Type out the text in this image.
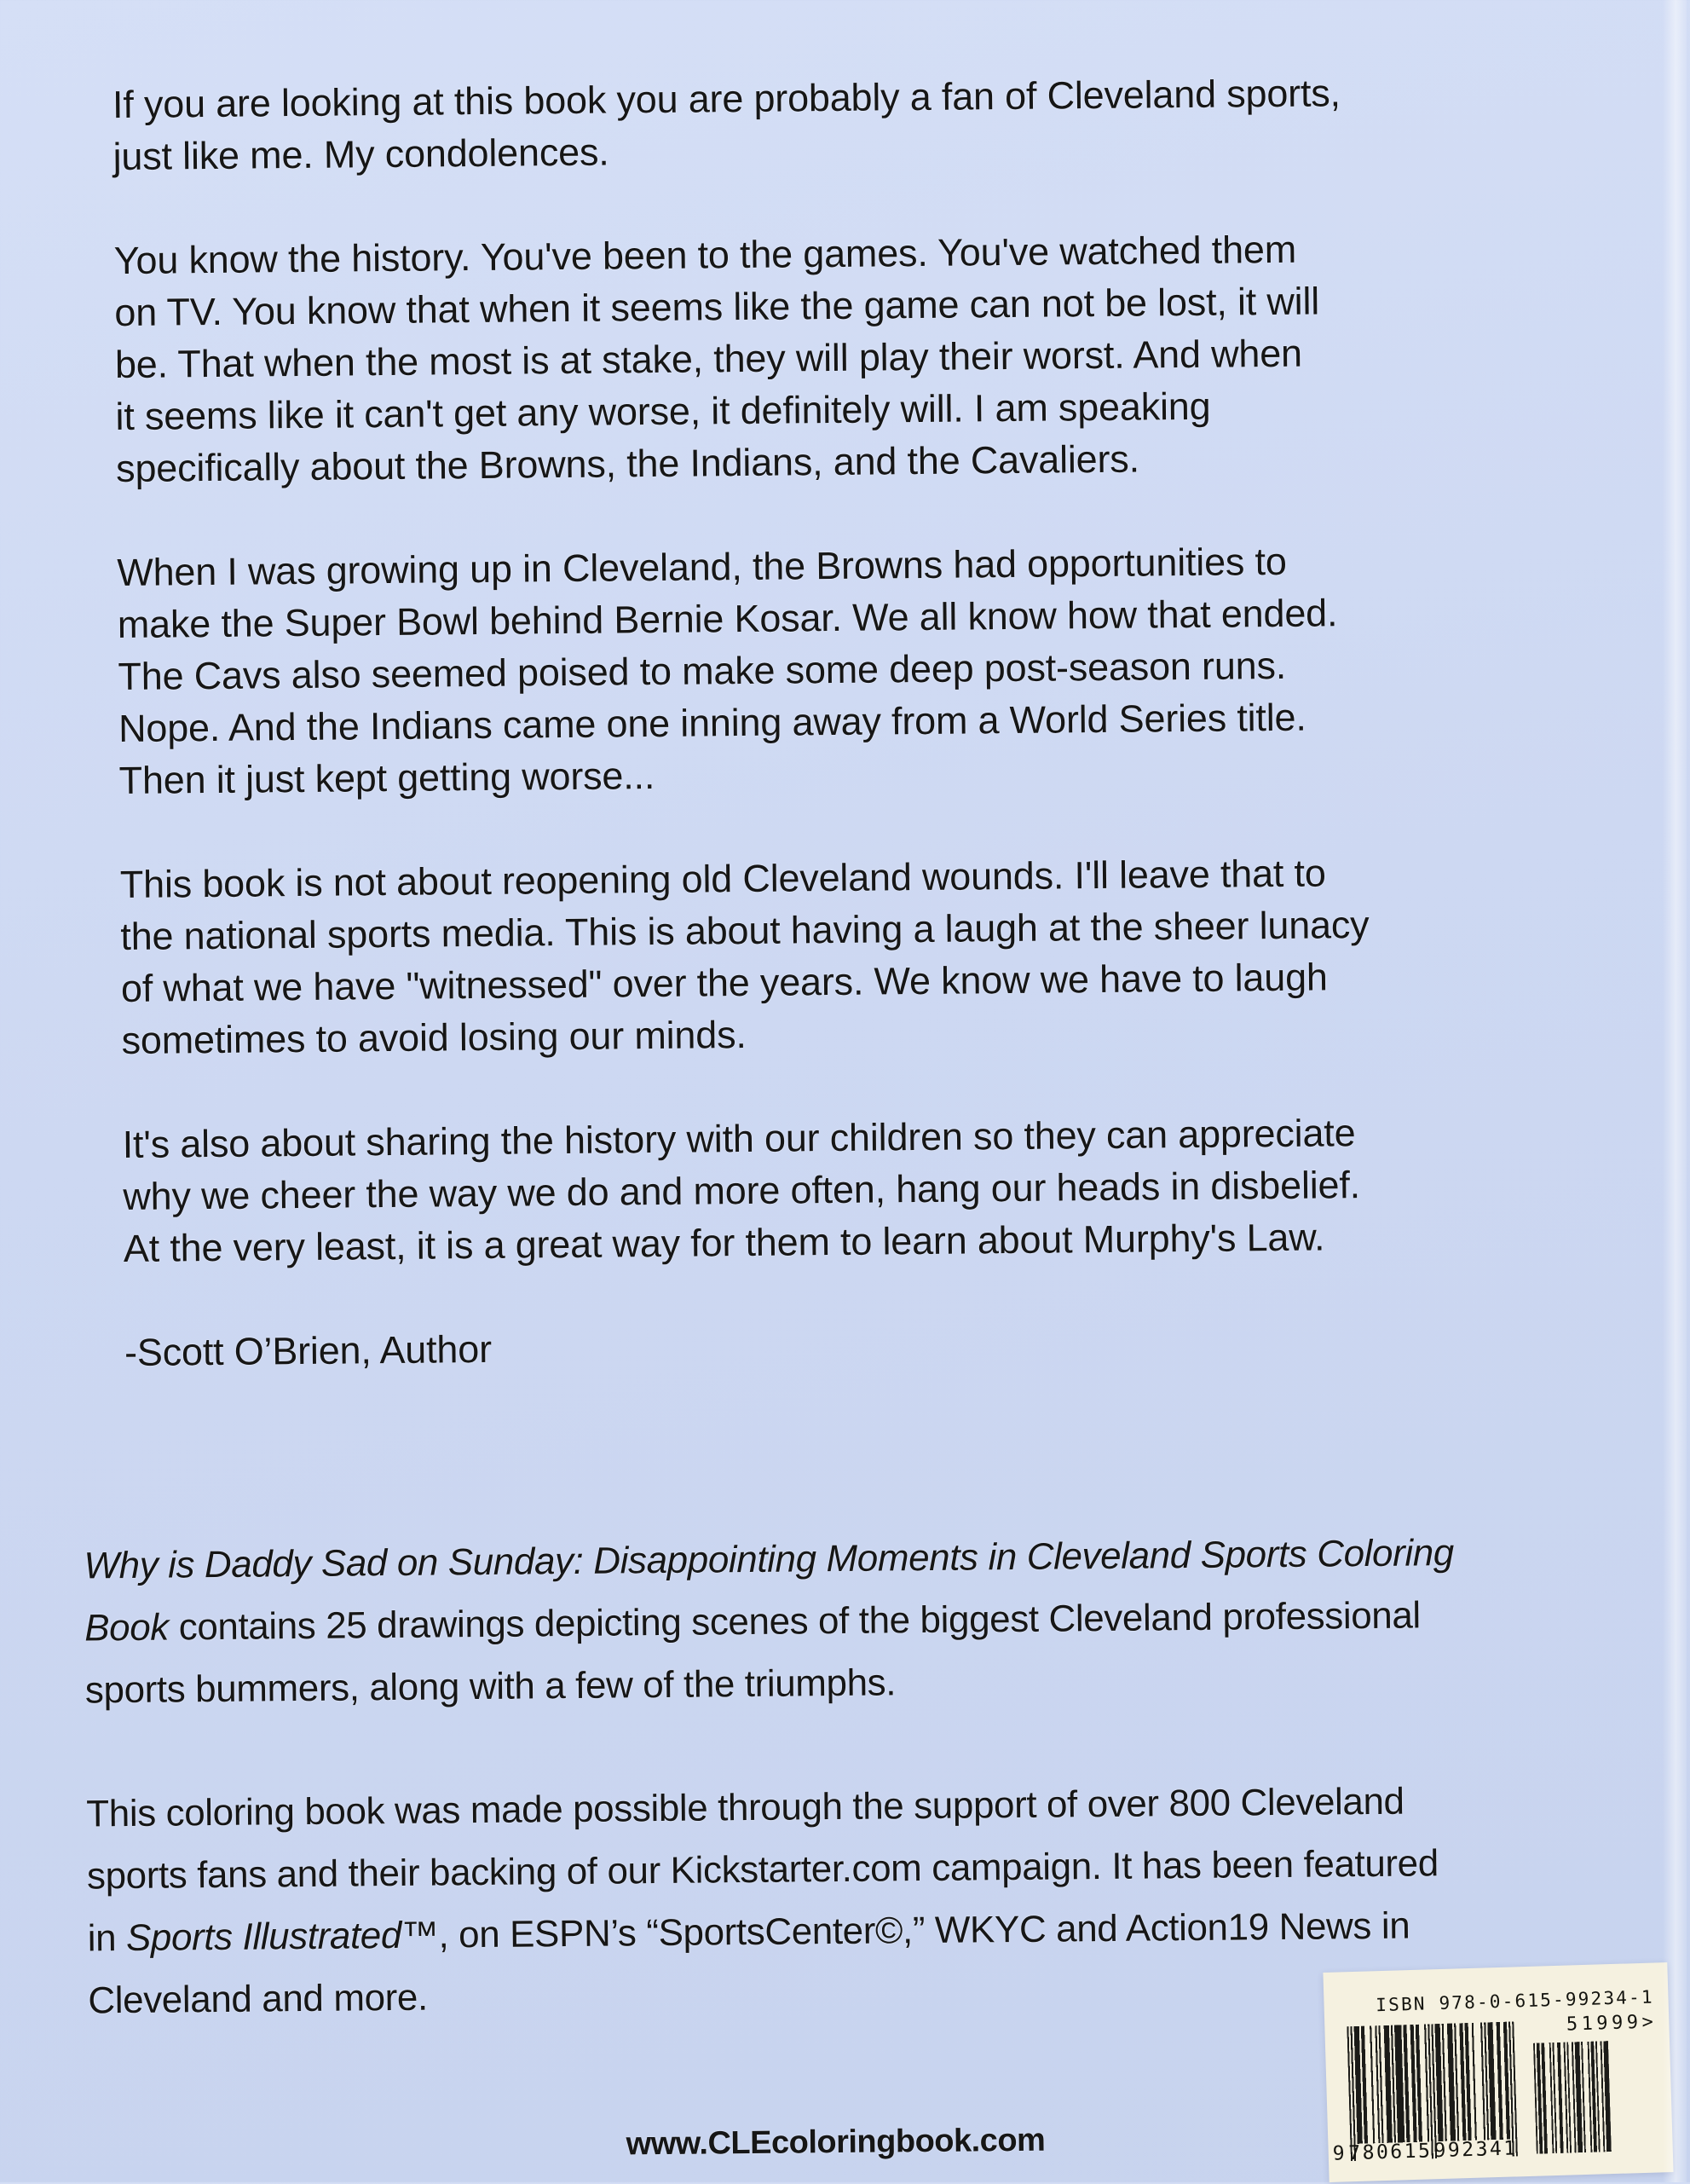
If you are looking at this book you are probably a fan of Cleveland sports,
just like me. My condolences.
You know the history. You've been to the games. You've watched them
on TV. You know that when it seems like the game can not be lost, it will
be. That when the most is at stake, they will play their worst. And when
it seems like it can't get any worse, it definitely will. I am speaking
specifically about the Browns, the Indians, and the Cavaliers.
When I was growing up in Cleveland, the Browns had opportunities to
make the Super Bowl behind Bernie Kosar. We all know how that ended.
The Cavs also seemed poised to make some deep post-season runs.
Nope. And the Indians came one inning away from a World Series title.
Then it just kept getting worse...
This book is not about reopening old Cleveland wounds. I'll leave that to
the national sports media. This is about having a laugh at the sheer lunacy
of what we have "witnessed" over the years. We know we have to laugh
sometimes to avoid losing our minds.
It's also about sharing the history with our children so they can appreciate
why we cheer the way we do and more often, hang our heads in disbelief.
At the very least, it is a great way for them to learn about Murphy's Law.
-Scott O’Brien, Author
Why is Daddy Sad on Sunday: Disappointing Moments in Cleveland Sports Coloring
Book contains 25 drawings depicting scenes of the biggest Cleveland professional
sports bummers, along with a few of the triumphs.
This coloring book was made possible through the support of over 800 Cleveland
sports fans and their backing of our Kickstarter.com campaign. It has been featured
in Sports Illustrated™, on ESPN’s “SportsCenter©,” WKYC and Action19 News in
Cleveland and more.
www.CLEcoloringbook.com
ISBN 978-0-615-99234-1
51999>
9 780615 992341
